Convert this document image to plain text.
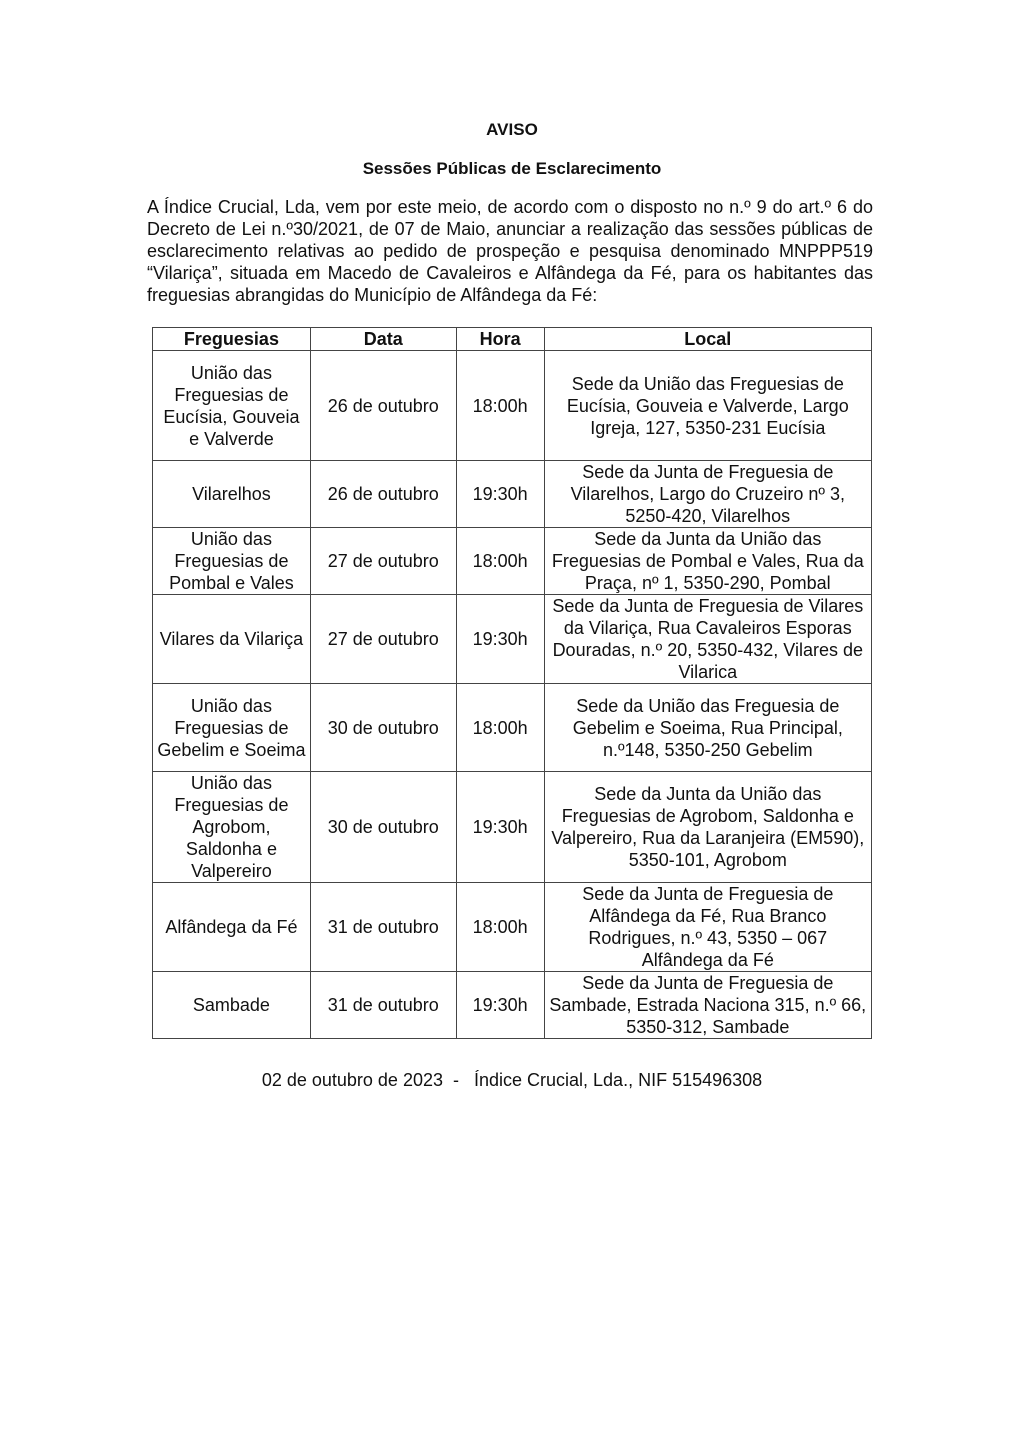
AVISO
Sessões Públicas de Esclarecimento
A Índice Crucial, Lda, vem por este meio, de acordo com o disposto no n.º 9 do art.º 6 do Decreto de Lei n.º30/2021, de 07 de Maio, anunciar a realização das sessões públicas de esclarecimento relativas ao pedido de prospeção e pesquisa denominado MNPPP519 “Vilariça”, situada em Macedo de Cavaleiros e Alfândega da Fé, para os habitantes das freguesias abrangidas do Município de Alfândega da Fé:
Freguesias	Data	Hora	Local
União das Freguesias de Eucísia, Gouveia e Valverde	26 de outubro	18:00h	Sede da União das Freguesias de Eucísia, Gouveia e Valverde, Largo Igreja, 127, 5350-231 Eucísia
Vilarelhos	26 de outubro	19:30h	Sede da Junta de Freguesia de Vilarelhos, Largo do Cruzeiro nº 3, 5250-420, Vilarelhos
União das Freguesias de Pombal e Vales	27 de outubro	18:00h	Sede da Junta da União das Freguesias de Pombal e Vales, Rua da Praça, nº 1, 5350-290, Pombal
Vilares da Vilariça	27 de outubro	19:30h	Sede da Junta de Freguesia de Vilares da Vilariça, Rua Cavaleiros Esporas Douradas, n.º 20, 5350-432, Vilares de Vilarica
União das Freguesias de Gebelim e Soeima	30 de outubro	18:00h	Sede da União das Freguesia de Gebelim e Soeima, Rua Principal, n.º148, 5350-250 Gebelim
União das Freguesias de Agrobom, Saldonha e Valpereiro	30 de outubro	19:30h	Sede da Junta da União das Freguesias de Agrobom, Saldonha e Valpereiro, Rua da Laranjeira (EM590), 5350-101, Agrobom
Alfândega da Fé	31 de outubro	18:00h	Sede da Junta de Freguesia de Alfândega da Fé, Rua Branco Rodrigues, n.º 43, 5350 – 067 Alfândega da Fé
Sambade	31 de outubro	19:30h	Sede da Junta de Freguesia de Sambade, Estrada Naciona 315, n.º 66, 5350-312, Sambade
02 de outubro de 2023  -   Índice Crucial, Lda., NIF 515496308
